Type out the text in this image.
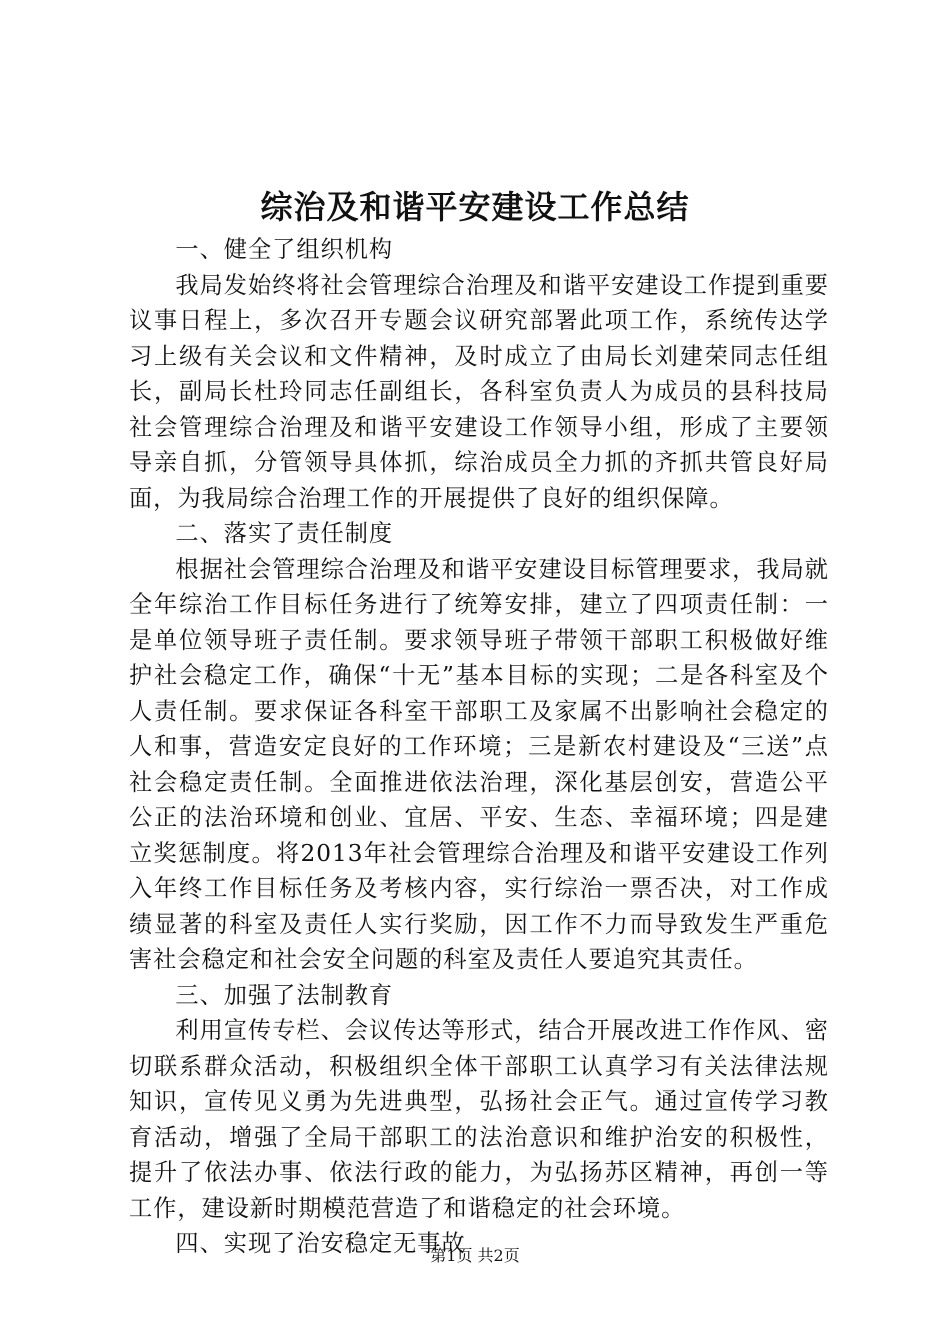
综治及和谐平安建设工作总结

一、健全了组织机构

我局发始终将社会管理综合治理及和谐平安建设工作提到重要议事日程上，多次召开专题会议研究部署此项工作，系统传达学习上级有关会议和文件精神，及时成立了由局长刘建荣同志任组长，副局长杜玲同志任副组长，各科室负责人为成员的县科技局社会管理综合治理及和谐平安建设工作领导小组，形成了主要领导亲自抓，分管领导具体抓，综治成员全力抓的齐抓共管良好局面，为我局综合治理工作的开展提供了良好的组织保障。

二、落实了责任制度

根据社会管理综合治理及和谐平安建设目标管理要求，我局就全年综治工作目标任务进行了统筹安排，建立了四项责任制：一是单位领导班子责任制。要求领导班子带领干部职工积极做好维护社会稳定工作，确保“十无”基本目标的实现；二是各科室及个人责任制。要求保证各科室干部职工及家属不出影响社会稳定的人和事，营造安定良好的工作环境；三是新农村建设及“三送”点社会稳定责任制。全面推进依法治理，深化基层创安，营造公平公正的法治环境和创业、宜居、平安、生态、幸福环境；四是建立奖惩制度。将2013年社会管理综合治理及和谐平安建设工作列入年终工作目标任务及考核内容，实行综治一票否决，对工作成绩显著的科室及责任人实行奖励，因工作不力而导致发生严重危害社会稳定和社会安全问题的科室及责任人要追究其责任。

三、加强了法制教育

利用宣传专栏、会议传达等形式，结合开展改进工作作风、密切联系群众活动，积极组织全体干部职工认真学习有关法律法规知识，宣传见义勇为先进典型，弘扬社会正气。通过宣传学习教育活动，增强了全局干部职工的法治意识和维护治安的积极性，提升了依法办事、依法行政的能力，为弘扬苏区精神，再创一等工作，建设新时期模范营造了和谐稳定的社会环境。

四、实现了治安稳定无事故

第1页 共2页
